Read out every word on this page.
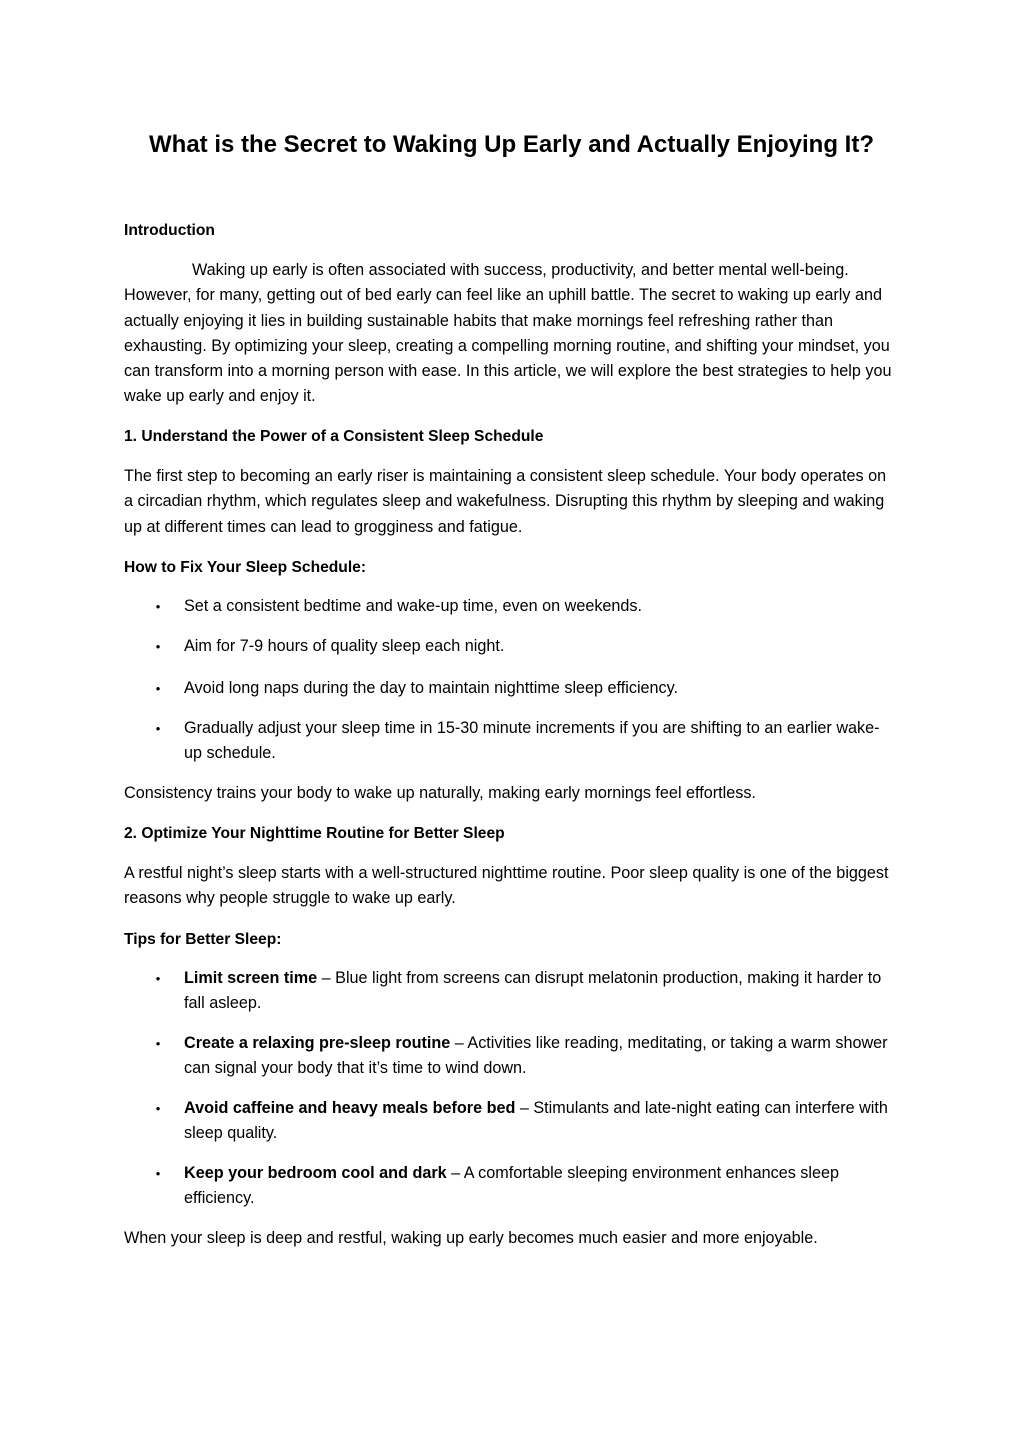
What is the Secret to Waking Up Early and Actually Enjoying It?

Introduction

Waking up early is often associated with success, productivity, and better mental well-being. However, for many, getting out of bed early can feel like an uphill battle. The secret to waking up early and actually enjoying it lies in building sustainable habits that make mornings feel refreshing rather than exhausting. By optimizing your sleep, creating a compelling morning routine, and shifting your mindset, you can transform into a morning person with ease. In this article, we will explore the best strategies to help you wake up early and enjoy it.

1. Understand the Power of a Consistent Sleep Schedule

The first step to becoming an early riser is maintaining a consistent sleep schedule. Your body operates on a circadian rhythm, which regulates sleep and wakefulness. Disrupting this rhythm by sleeping and waking up at different times can lead to grogginess and fatigue.

How to Fix Your Sleep Schedule:

• Set a consistent bedtime and wake-up time, even on weekends.
• Aim for 7-9 hours of quality sleep each night.
• Avoid long naps during the day to maintain nighttime sleep efficiency.
• Gradually adjust your sleep time in 15-30 minute increments if you are shifting to an earlier wake-up schedule.

Consistency trains your body to wake up naturally, making early mornings feel effortless.

2. Optimize Your Nighttime Routine for Better Sleep

A restful night’s sleep starts with a well-structured nighttime routine. Poor sleep quality is one of the biggest reasons why people struggle to wake up early.

Tips for Better Sleep:

• Limit screen time – Blue light from screens can disrupt melatonin production, making it harder to fall asleep.
• Create a relaxing pre-sleep routine – Activities like reading, meditating, or taking a warm shower can signal your body that it’s time to wind down.
• Avoid caffeine and heavy meals before bed – Stimulants and late-night eating can interfere with sleep quality.
• Keep your bedroom cool and dark – A comfortable sleeping environment enhances sleep efficiency.

When your sleep is deep and restful, waking up early becomes much easier and more enjoyable.
